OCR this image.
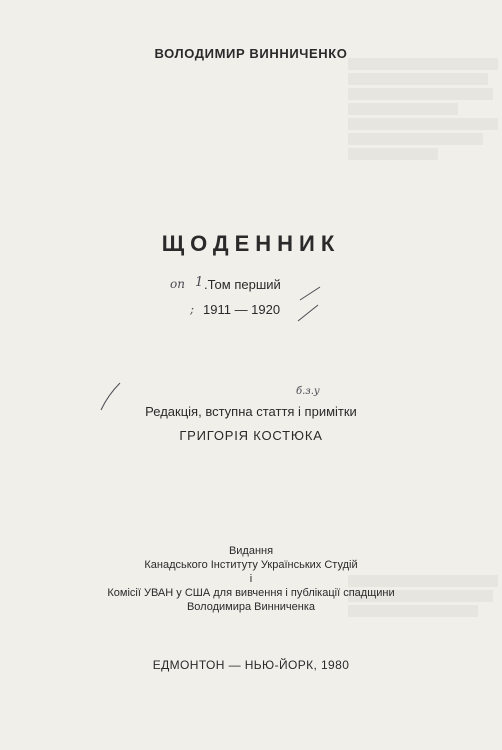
ВОЛОДИМИР ВИННИЧЕНКО
ЩОДЕННИК
on 1 .Том перший
; 1911 — 1920
б.з.у
Редакція, вступна стаття і примітки
ГРИГОРІЯ КОСТЮКА
Видання
Канадського Інституту Українських Студій
і
Комісії УВАН у США для вивчення і публікації спадщини
Володимира Винниченка
ЕДМОНТОН — НЬЮ-ЙОРК, 1980
